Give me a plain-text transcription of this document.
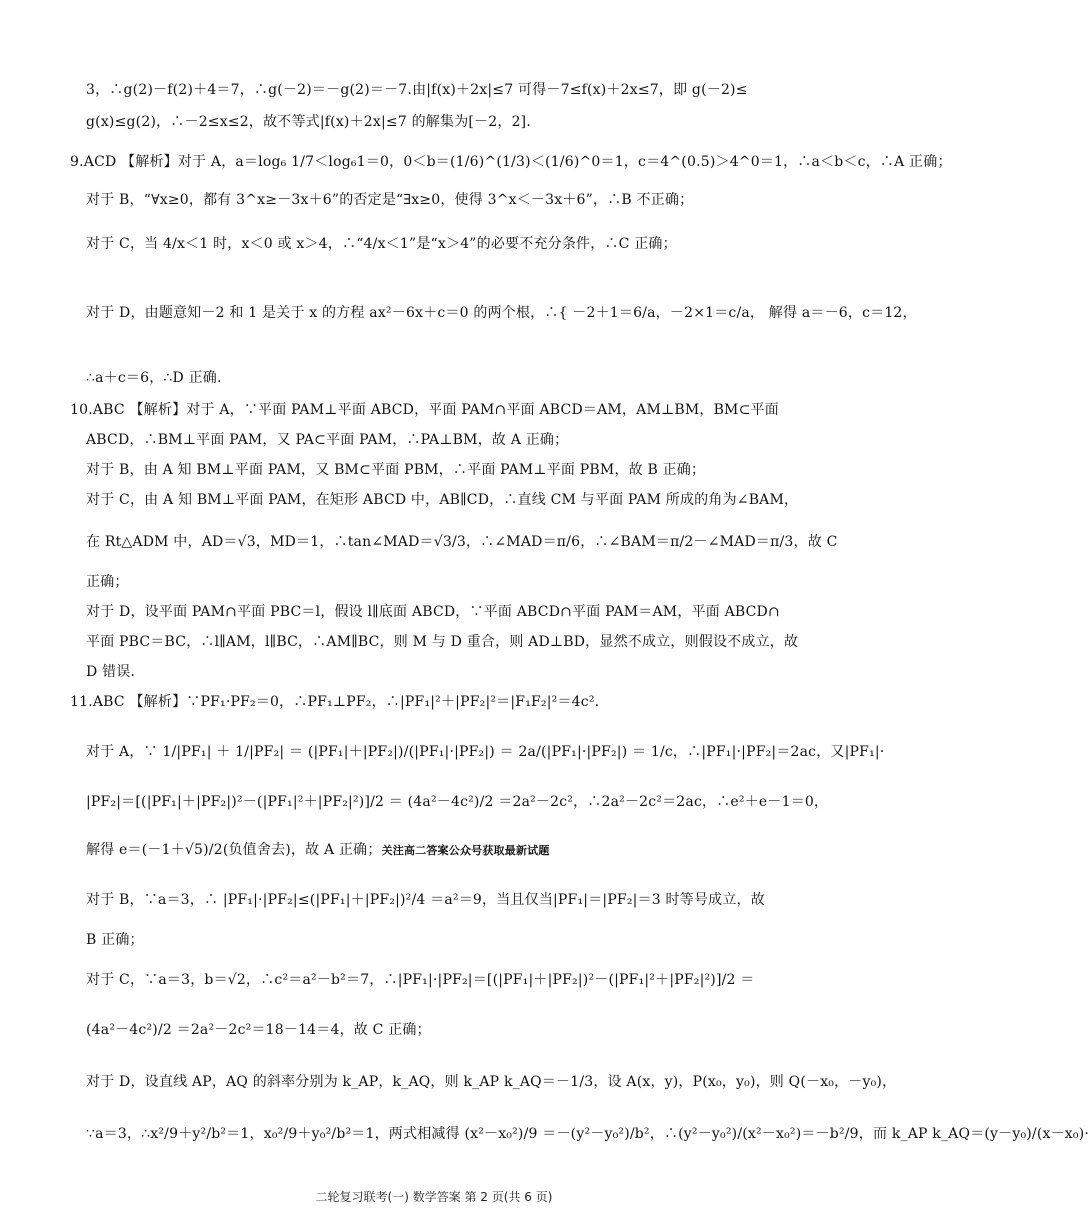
3，∴g(2)－f(2)＋4＝7，∴g(－2)＝－g(2)＝－7.由|f(x)＋2x|≤7 可得－7≤f(x)＋2x≤7，即 g(－2)≤
g(x)≤g(2)，∴－2≤x≤2，故不等式|f(x)＋2x|≤7 的解集为[－2，2].
9.ACD 【解析】对于 A，a＝log₆ 1/7＜log₆1＝0，0＜b＝(1/6)^(1/3)＜(1/6)^0＝1，c＝4^(0.5)＞4^0＝1，∴a＜b＜c，∴A 正确；
对于 B，“∀x≥0，都有 3^x≥－3x＋6”的否定是“∃x≥0，使得 3^x＜－3x＋6”，∴B 不正确；
对于 C，当 4/x＜1 时，x＜0 或 x＞4，∴“4/x＜1”是“x＞4”的必要不充分条件，∴C 正确；
对于 D，由题意知－2 和 1 是关于 x 的方程 ax²－6x＋c＝0 的两个根，∴{ －2＋1＝6/a，－2×1＝c/a， 解得 a＝－6，c＝12，
∴a＋c＝6，∴D 正确.
10.ABC 【解析】对于 A，∵平面 PAM⊥平面 ABCD，平面 PAM∩平面 ABCD＝AM，AM⊥BM，BM⊂平面
ABCD，∴BM⊥平面 PAM，又 PA⊂平面 PAM，∴PA⊥BM，故 A 正确；
对于 B，由 A 知 BM⊥平面 PAM，又 BM⊂平面 PBM，∴平面 PAM⊥平面 PBM，故 B 正确；
对于 C，由 A 知 BM⊥平面 PAM，在矩形 ABCD 中，AB∥CD，∴直线 CM 与平面 PAM 所成的角为∠BAM，
在 Rt△ADM 中，AD＝√3，MD＝1，∴tan∠MAD＝√3/3，∴∠MAD＝π/6，∴∠BAM＝π/2－∠MAD＝π/3，故 C
正确；
对于 D，设平面 PAM∩平面 PBC＝l，假设 l∥底面 ABCD，∵平面 ABCD∩平面 PAM＝AM，平面 ABCD∩
平面 PBC＝BC，∴l∥AM，l∥BC，∴AM∥BC，则 M 与 D 重合，则 AD⊥BD，显然不成立，则假设不成立，故
D 错误.
11.ABC 【解析】∵PF₁·PF₂＝0，∴PF₁⊥PF₂，∴|PF₁|²＋|PF₂|²＝|F₁F₂|²＝4c².
对于 A，∵ 1/|PF₁| ＋ 1/|PF₂| ＝ (|PF₁|＋|PF₂|)/(|PF₁|·|PF₂|) ＝ 2a/(|PF₁|·|PF₂|) ＝ 1/c，∴|PF₁|·|PF₂|＝2ac，又|PF₁|·
|PF₂|＝[(|PF₁|＋|PF₂|)²－(|PF₁|²＋|PF₂|²)]/2 ＝ (4a²－4c²)/2 ＝2a²－2c²，∴2a²－2c²＝2ac，∴e²＋e－1＝0，
解得 e＝(－1＋√5)/2(负值舍去)，故 A 正确；关注高二答案公众号获取最新试题
对于 B，∵a＝3，∴ |PF₁|·|PF₂|≤(|PF₁|＋|PF₂|)²/4 ＝a²＝9，当且仅当|PF₁|＝|PF₂|＝3 时等号成立，故
B 正确；
对于 C，∵a＝3，b＝√2，∴c²＝a²－b²＝7，∴|PF₁|·|PF₂|＝[(|PF₁|＋|PF₂|)²－(|PF₁|²＋|PF₂|²)]/2 ＝
(4a²－4c²)/2 ＝2a²－2c²＝18－14＝4，故 C 正确；
对于 D，设直线 AP，AQ 的斜率分别为 k_AP，k_AQ，则 k_AP k_AQ＝－1/3，设 A(x，y)，P(x₀，y₀)，则 Q(－x₀，－y₀)，
∵a＝3，∴x²/9＋y²/b²＝1，x₀²/9＋y₀²/b²＝1，两式相减得 (x²－x₀²)/9 ＝－(y²－y₀²)/b²，∴(y²－y₀²)/(x²－x₀²)＝－b²/9，而 k_AP k_AQ＝(y－y₀)/(x－x₀)·
二轮复习联考(一) 数学答案 第 2 页(共 6 页)
